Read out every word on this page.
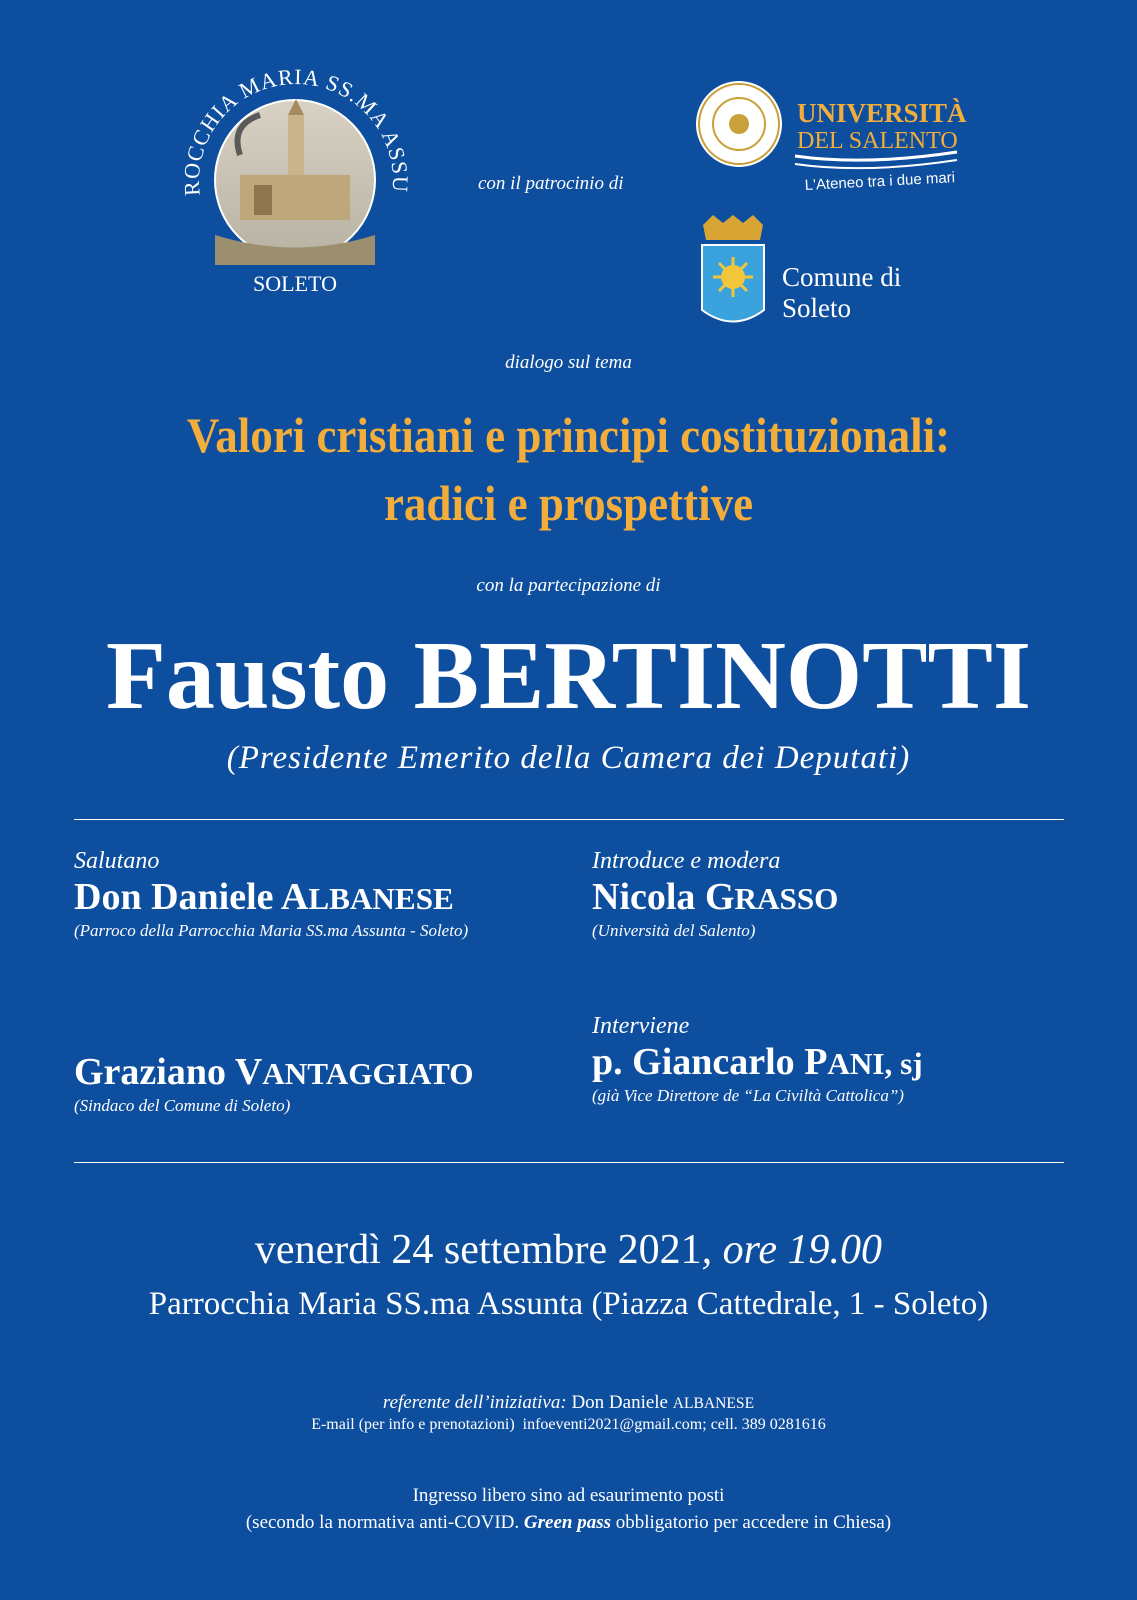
ROCCHIA MARIA SS.MA ASSU
SOLETO
con il patrocinio di
UNIVERSITÀ
DEL SALENTO
L'Ateneo tra i due mari
Comune di
Soleto
dialogo sul tema
Valori cristiani e principi costituzionali:
radici e prospettive
con la partecipazione di
Fausto BERTINOTTI
(Presidente Emerito della Camera dei Deputati)
Salutano
Don Daniele ALBANESE
(Parroco della Parrocchia Maria SS.ma Assunta - Soleto)
Graziano VANTAGGIATO
(Sindaco del Comune di Soleto)
Introduce e modera
Nicola GRASSO
(Università del Salento)
Interviene
p. Giancarlo PANI, sj
(già Vice Direttore de “La Civiltà Cattolica”)
venerdì 24 settembre 2021, ore 19.00
Parrocchia Maria SS.ma Assunta (Piazza Cattedrale, 1 - Soleto)
referente dell’iniziativa: Don Daniele ALBANESE
E-mail (per info e prenotazioni) infoeventi2021@gmail.com; cell. 389 0281616
Ingresso libero sino ad esaurimento posti
(secondo la normativa anti-COVID. Green pass obbligatorio per accedere in Chiesa)
